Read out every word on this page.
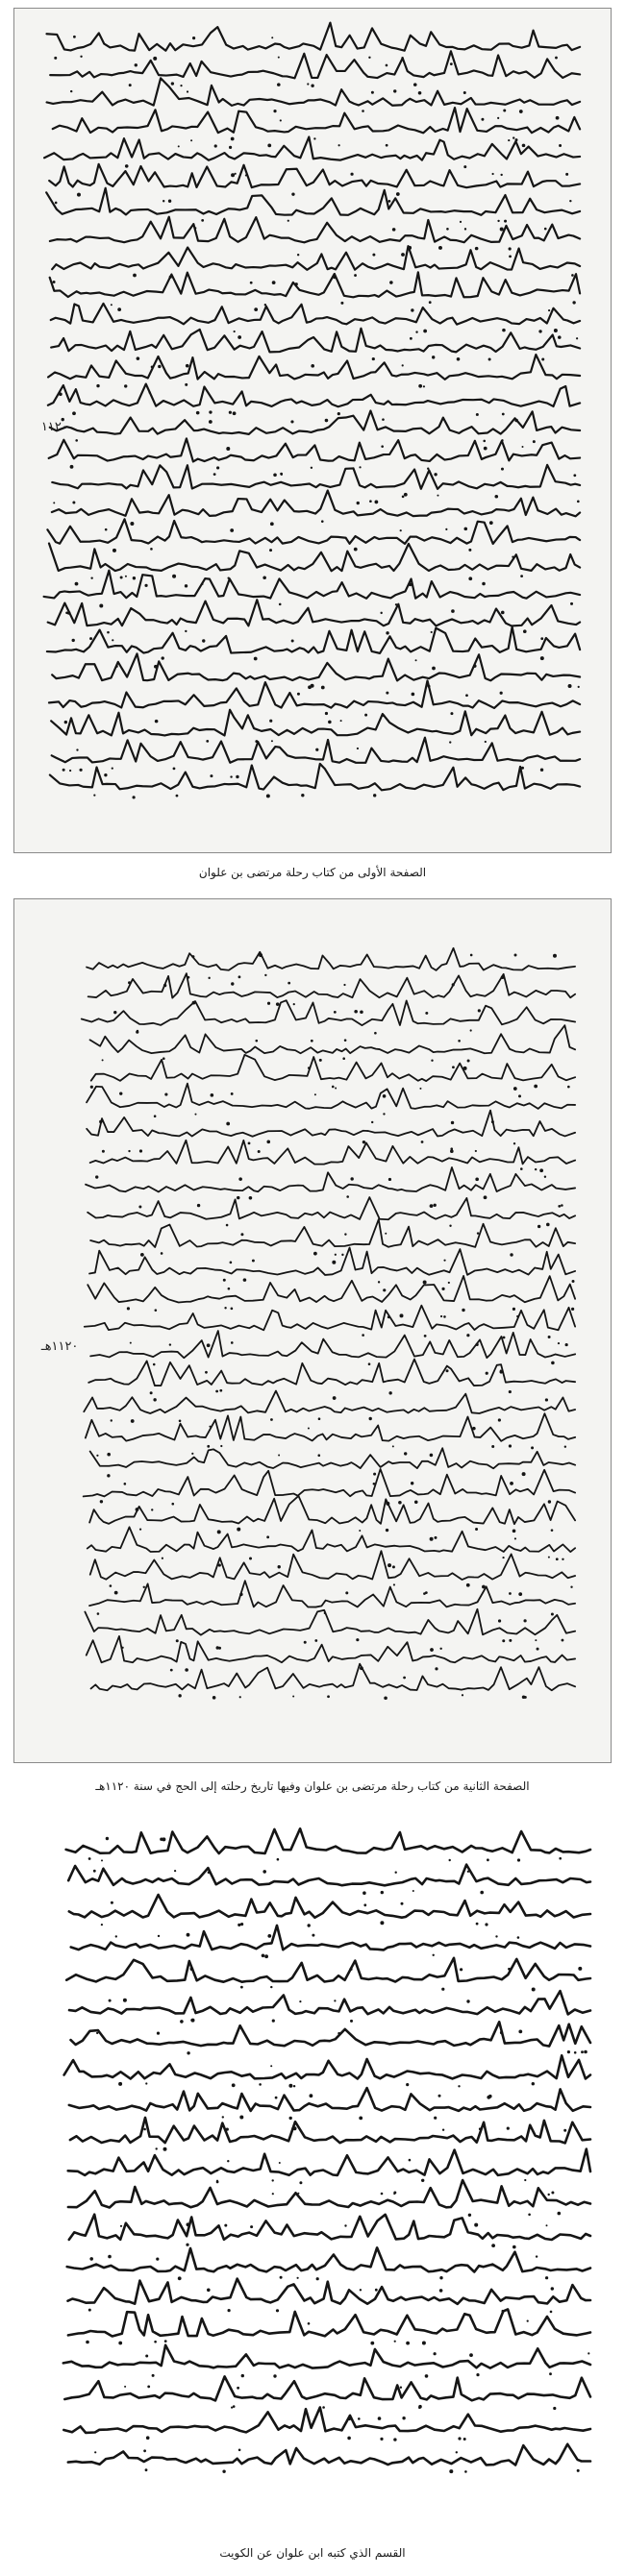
بسم الله الرحمن الرحيم الحمد لله رب العالمين والصلاة والسلام على سيدنا محمد وآله الطاهرين وأصحابه نجوم الدين
وبعد فيقول العبد الفقير إلى الله الغني مرتضى بن علوان
في عنفوان الشباب وذلك في عام ثمانية عشر ومائة وألف
أولا ما ذكرناه في الرحلة المباركة
الله الرحمن الرحيم وبه نستعين
الفاضل الكامل الأجل الأكمل الشيخ
١١٢٠
الصفحة الأولى من كتاب رحلة مرتضى بن علوان
أتانا الشريف وأمانة على سبيل المركب والقعد
في ذكر بعوث بالان الطالون وحتى ان تقع
بعدان صلينا الظهر وهو اليوم السادس والعشرين
ذكر كان ليعطي الساعون الملمة
ذهبنا من الكويت وعرفنا شيخ الحي
وجمعنا أصحاب الحمل أيام الجمعة
١١٢٠هـ
الصفحة الثانية من كتاب رحلة مرتضى بن علوان وفيها تاريخ رحلته إلى الحج في سنة ١١٢٠هـ
ان صبحة عشرين ثم دخلنا بلدا يقال لها الكويت بالتصغير
بلد لا بأس بها تشابه الحسا الا انها دونها ولكن بحرها
تسابها ولا تشابه الحسا ولكن بحرها
ثم عزمنا على الخروج من الكويت
وهذه البلدة يأتيها سائر الحبوب
وهذه الكويت المذكورة بلدة على شاطئ البحر
القسم الذي كتبه ابن علوان عن الكويت
